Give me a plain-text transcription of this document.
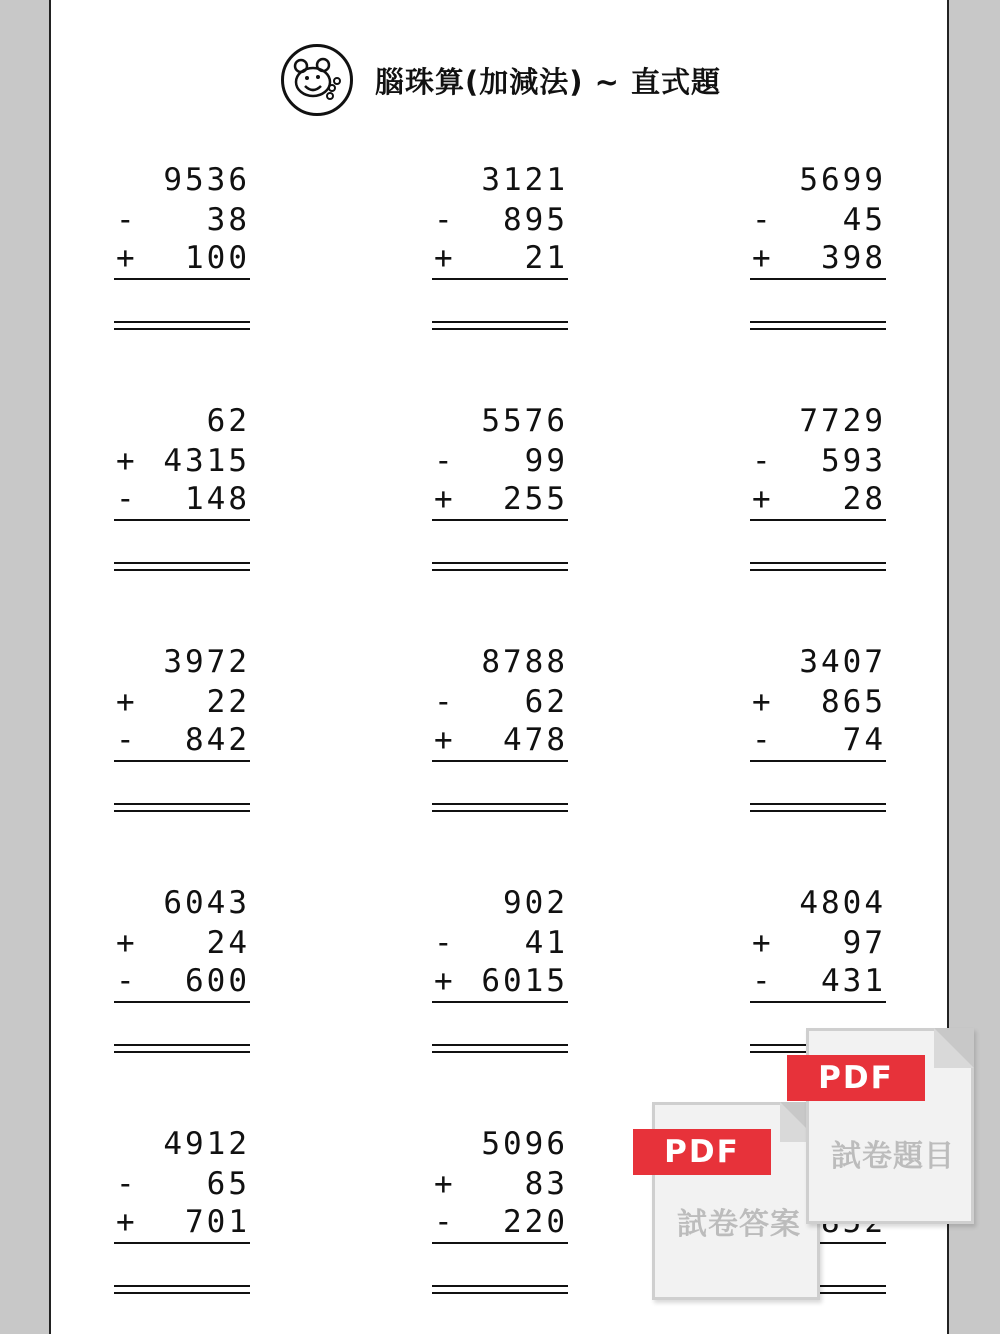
腦珠算(加減法) ~ 直式題
9536
- 38
+ 100
3121
- 895
+ 21
5699
- 45
+ 398
62
+ 4315
- 148
5576
- 99
+ 255
7729
- 593
+ 28
3972
+ 22
- 842
8788
- 62
+ 478
3407
+ 865
- 74
6043
+ 24
- 600
902
- 41
+ 6015
4804
+ 97
- 431
4912
- 65
+ 701
5096
+ 83
- 220
PDF
試卷答案
PDF
試卷題目
